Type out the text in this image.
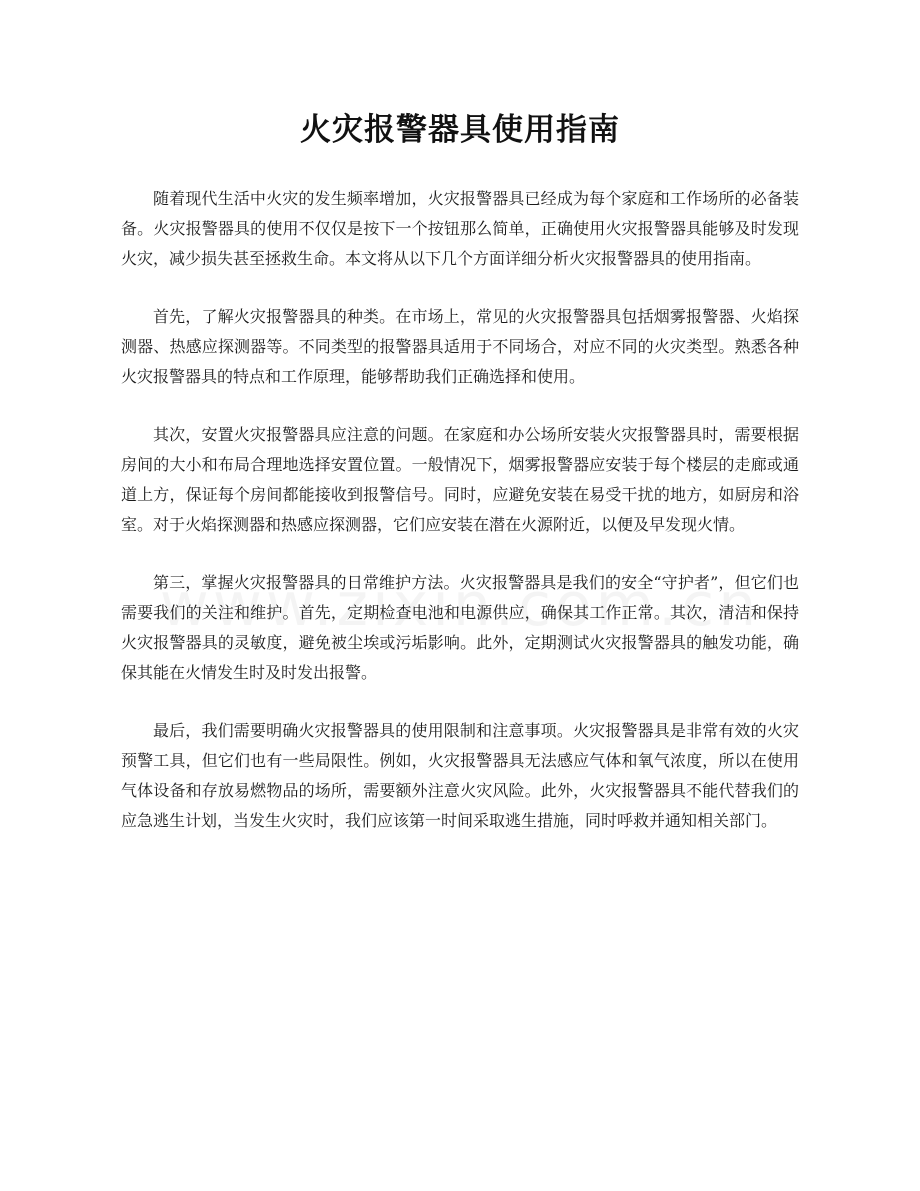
火灾报警器具使用指南

随着现代生活中火灾的发生频率增加，火灾报警器具已经成为每个家庭和工作场所的必备装备。火灾报警器具的使用不仅仅是按下一个按钮那么简单，正确使用火灾报警器具能够及时发现火灾，减少损失甚至拯救生命。本文将从以下几个方面详细分析火灾报警器具的使用指南。

首先，了解火灾报警器具的种类。在市场上，常见的火灾报警器具包括烟雾报警器、火焰探测器、热感应探测器等。不同类型的报警器具适用于不同场合，对应不同的火灾类型。熟悉各种火灾报警器具的特点和工作原理，能够帮助我们正确选择和使用。

其次，安置火灾报警器具应注意的问题。在家庭和办公场所安装火灾报警器具时，需要根据房间的大小和布局合理地选择安置位置。一般情况下，烟雾报警器应安装于每个楼层的走廊或通道上方，保证每个房间都能接收到报警信号。同时，应避免安装在易受干扰的地方，如厨房和浴室。对于火焰探测器和热感应探测器，它们应安装在潜在火源附近，以便及早发现火情。

第三，掌握火灾报警器具的日常维护方法。火灾报警器具是我们的安全“守护者”，但它们也需要我们的关注和维护。首先，定期检查电池和电源供应，确保其工作正常。其次，清洁和保持火灾报警器具的灵敏度，避免被尘埃或污垢影响。此外，定期测试火灾报警器具的触发功能，确保其能在火情发生时及时发出报警。

最后，我们需要明确火灾报警器具的使用限制和注意事项。火灾报警器具是非常有效的火灾预警工具，但它们也有一些局限性。例如，火灾报警器具无法感应气体和氧气浓度，所以在使用气体设备和存放易燃物品的场所，需要额外注意火灾风险。此外，火灾报警器具不能代替我们的应急逃生计划，当发生火灾时，我们应该第一时间采取逃生措施，同时呼救并通知相关部门。
